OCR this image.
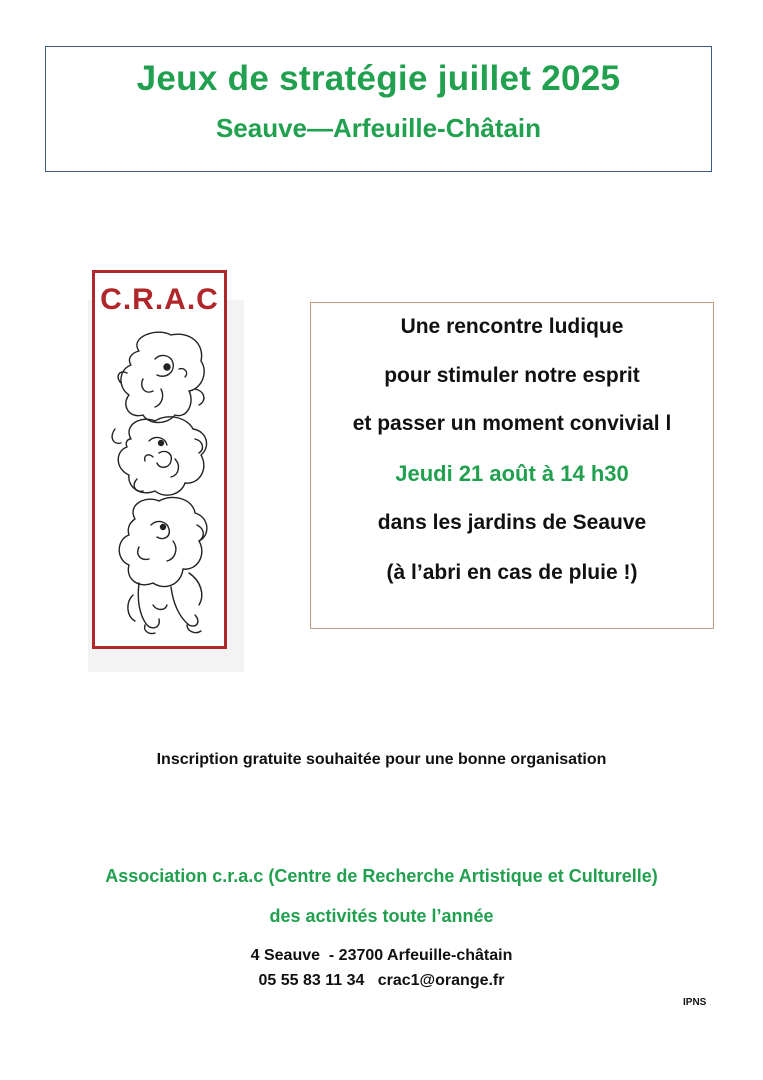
Jeux de stratégie juillet 2025
Seauve—Arfeuille-Châtain
C.R.A.C
Une rencontre ludique
pour stimuler notre esprit
et passer un moment convivial l
Jeudi 21 août à 14 h30
dans les jardins de Seauve
(à l’abri en cas de pluie !)
Inscription gratuite souhaitée pour une bonne organisation
Association c.r.a.c (Centre de Recherche Artistique et Culturelle)
des activités toute l’année
4 Seauve  - 23700 Arfeuille-châtain
05 55 83 11 34   crac1@orange.fr
IPNS
